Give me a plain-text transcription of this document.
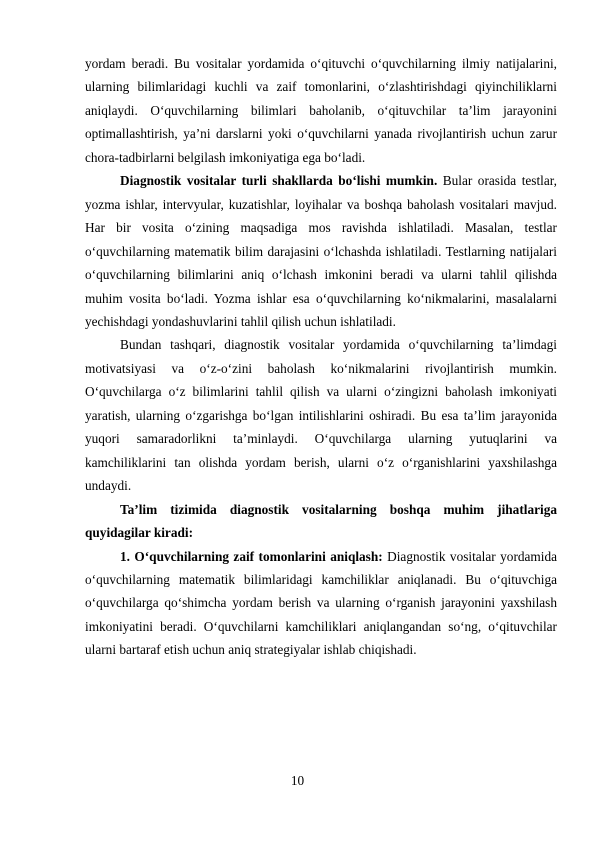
yordam beradi. Bu vositalar yordamida o‘qituvchi o‘quvchilarning ilmiy natijalarini, ularning bilimlaridagi kuchli va zaif tomonlarini, o‘zlashtirishdagi qiyinchiliklarni aniqlaydi. O‘quvchilarning bilimlari baholanib, o‘qituvchilar ta’lim jarayonini optimallashtirish, ya’ni darslarni yoki o‘quvchilarni yanada rivojlantirish uchun zarur chora-tadbirlarni belgilash imkoniyatiga ega bo‘ladi.

Diagnostik vositalar turli shakllarda bo‘lishi mumkin. Bular orasida testlar, yozma ishlar, intervyular, kuzatishlar, loyihalar va boshqa baholash vositalari mavjud. Har bir vosita o‘zining maqsadiga mos ravishda ishlatiladi. Masalan, testlar o‘quvchilarning matematik bilim darajasini o‘lchashda ishlatiladi. Testlarning natijalari o‘quvchilarning bilimlarini aniq o‘lchash imkonini beradi va ularni tahlil qilishda muhim vosita bo‘ladi. Yozma ishlar esa o‘quvchilarning ko‘nikmalarini, masalalarni yechishdagi yondashuvlarini tahlil qilish uchun ishlatiladi.

Bundan tashqari, diagnostik vositalar yordamida o‘quvchilarning ta’limdagi motivatsiyasi va o‘z-o‘zini baholash ko‘nikmalarini rivojlantirish mumkin. O‘quvchilarga o‘z bilimlarini tahlil qilish va ularni o‘zingizni baholash imkoniyati yaratish, ularning o‘zgarishga bo‘lgan intilishlarini oshiradi. Bu esa ta’lim jarayonida yuqori samaradorlikni ta’minlaydi. O‘quvchilarga ularning yutuqlarini va kamchiliklarini tan olishda yordam berish, ularni o‘z o‘rganishlarini yaxshilashga undaydi.

Ta’lim tizimida diagnostik vositalarning boshqa muhim jihatlariga quyidagilar kiradi:

1. O‘quvchilarning zaif tomonlarini aniqlash: Diagnostik vositalar yordamida o‘quvchilarning matematik bilimlaridagi kamchiliklar aniqlanadi. Bu o‘qituvchiga o‘quvchilarga qo‘shimcha yordam berish va ularning o‘rganish jarayonini yaxshilash imkoniyatini beradi. O‘quvchilarni kamchiliklari aniqlangandan so‘ng, o‘qituvchilar ularni bartaraf etish uchun aniq strategiyalar ishlab chiqishadi.

10
